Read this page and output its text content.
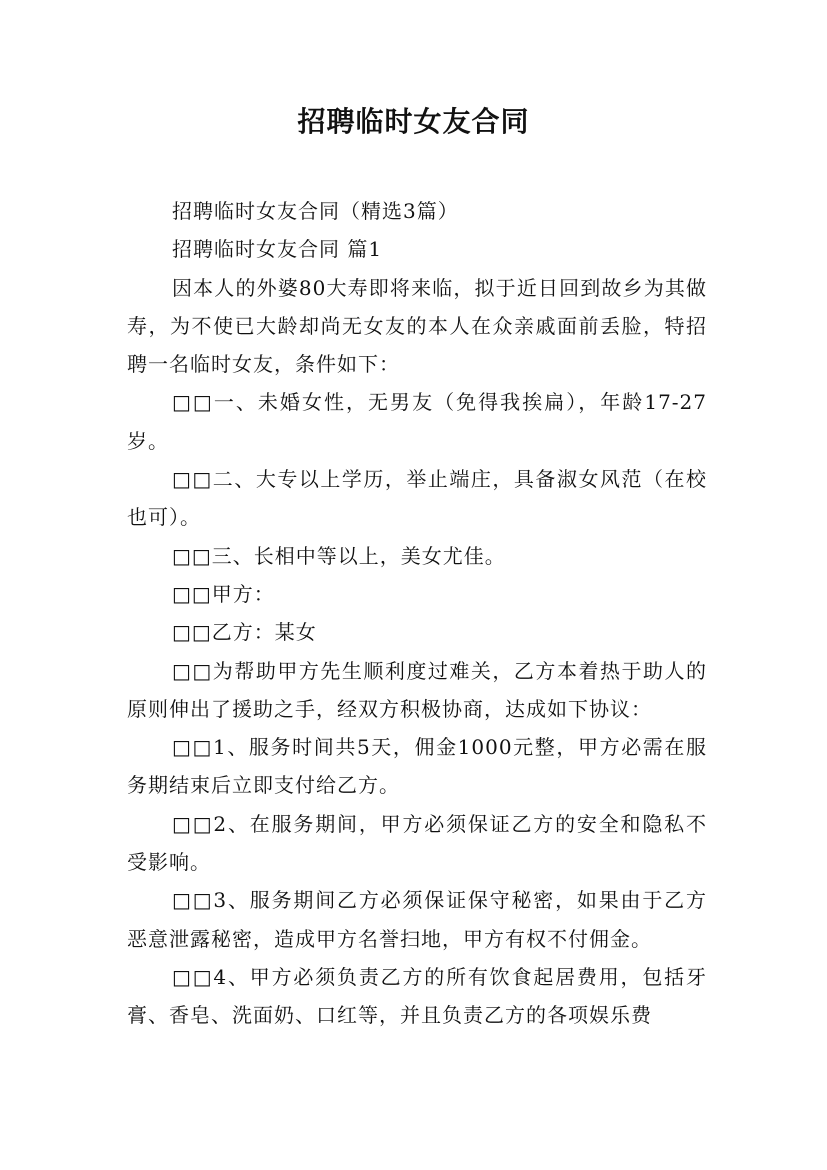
招聘临时女友合同

招聘临时女友合同（精选3篇）

招聘临时女友合同 篇1

因本人的外婆80大寿即将来临，拟于近日回到故乡为其做寿，为不使已大龄却尚无女友的本人在众亲戚面前丢脸，特招聘一名临时女友，条件如下：

□□一、未婚女性，无男友（免得我挨扁），年龄17-27岁。

□□二、大专以上学历，举止端庄，具备淑女风范（在校也可）。

□□三、长相中等以上，美女尤佳。

□□甲方：

□□乙方：某女

□□为帮助甲方先生顺利度过难关，乙方本着热于助人的原则伸出了援助之手，经双方积极协商，达成如下协议：

□□1、服务时间共5天，佣金1000元整，甲方必需在服务期结束后立即支付给乙方。

□□2、在服务期间，甲方必须保证乙方的安全和隐私不受影响。

□□3、服务期间乙方必须保证保守秘密，如果由于乙方恶意泄露秘密，造成甲方名誉扫地，甲方有权不付佣金。

□□4、甲方必须负责乙方的所有饮食起居费用，包括牙膏、香皂、洗面奶、口红等，并且负责乙方的各项娱乐费
